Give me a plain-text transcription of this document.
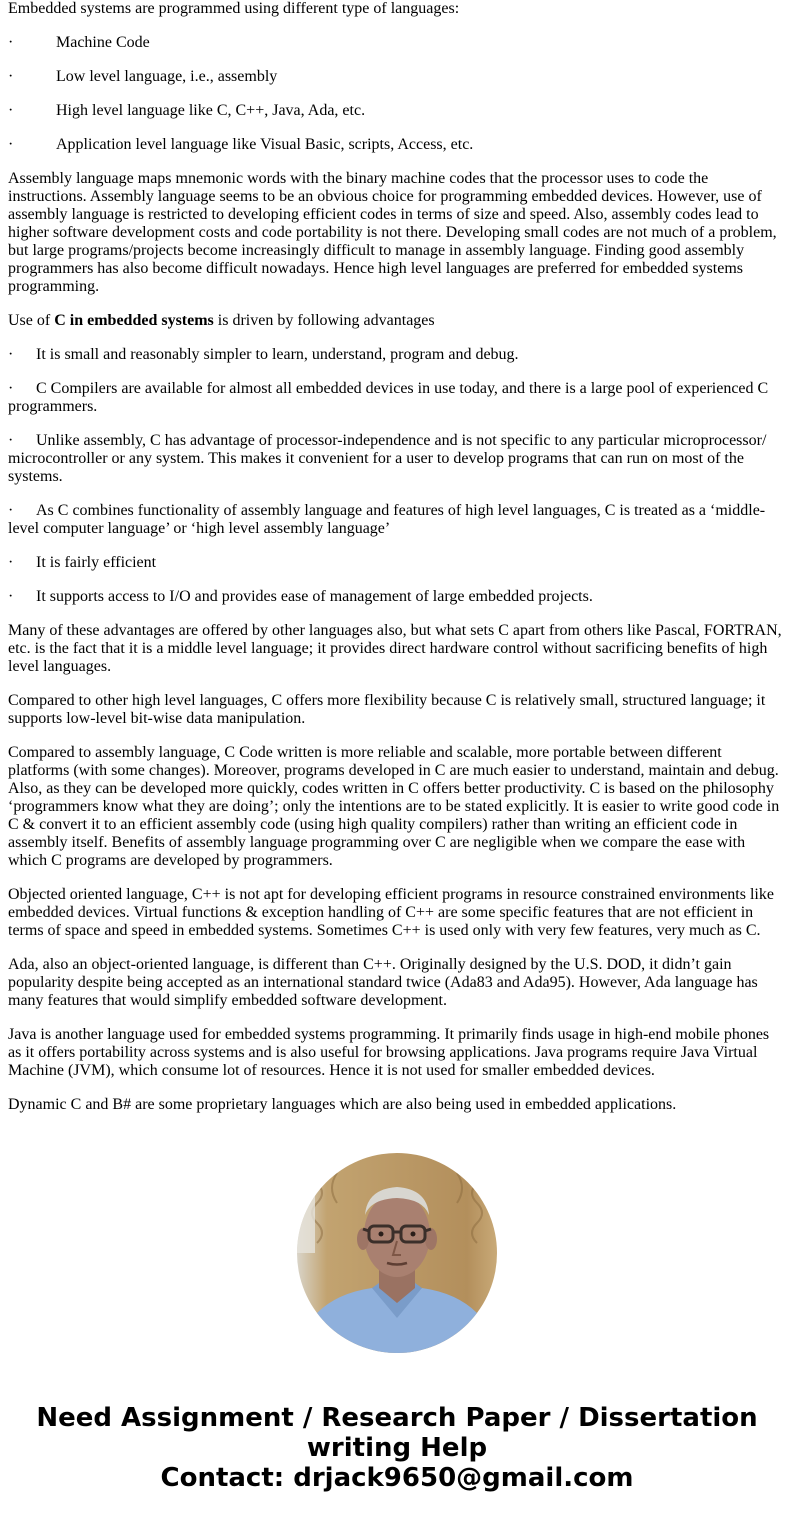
Embedded systems are programmed using different type of languages:

·	Machine Code
·	Low level language, i.e., assembly
·	High level language like C, C++, Java, Ada, etc.
·	Application level language like Visual Basic, scripts, Access, etc.

Assembly language maps mnemonic words with the binary machine codes that the processor uses to code the instructions. Assembly language seems to be an obvious choice for programming embedded devices. However, use of assembly language is restricted to developing efficient codes in terms of size and speed. Also, assembly codes lead to higher software development costs and code portability is not there. Developing small codes are not much of a problem, but large programs/projects become increasingly difficult to manage in assembly language. Finding good assembly programmers has also become difficult nowadays. Hence high level languages are preferred for embedded systems programming.

Use of C in embedded systems is driven by following advantages

· It is small and reasonably simpler to learn, understand, program and debug.

· C Compilers are available for almost all embedded devices in use today, and there is a large pool of experienced C programmers.

· Unlike assembly, C has advantage of processor-independence and is not specific to any particular microprocessor/ microcontroller or any system. This makes it convenient for a user to develop programs that can run on most of the systems.

· As C combines functionality of assembly language and features of high level languages, C is treated as a ‘middle-level computer language’ or ‘high level assembly language’

· It is fairly efficient

· It supports access to I/O and provides ease of management of large embedded projects.

Many of these advantages are offered by other languages also, but what sets C apart from others like Pascal, FORTRAN, etc. is the fact that it is a middle level language; it provides direct hardware control without sacrificing benefits of high level languages.

Compared to other high level languages, C offers more flexibility because C is relatively small, structured language; it supports low-level bit-wise data manipulation.

Compared to assembly language, C Code written is more reliable and scalable, more portable between different platforms (with some changes). Moreover, programs developed in C are much easier to understand, maintain and debug. Also, as they can be developed more quickly, codes written in C offers better productivity. C is based on the philosophy ‘programmers know what they are doing’; only the intentions are to be stated explicitly. It is easier to write good code in C & convert it to an efficient assembly code (using high quality compilers) rather than writing an efficient code in assembly itself. Benefits of assembly language programming over C are negligible when we compare the ease with which C programs are developed by programmers.

Objected oriented language, C++ is not apt for developing efficient programs in resource constrained environments like embedded devices. Virtual functions & exception handling of C++ are some specific features that are not efficient in terms of space and speed in embedded systems. Sometimes C++ is used only with very few features, very much as C.

Ada, also an object-oriented language, is different than C++. Originally designed by the U.S. DOD, it didn’t gain popularity despite being accepted as an international standard twice (Ada83 and Ada95). However, Ada language has many features that would simplify embedded software development.

Java is another language used for embedded systems programming. It primarily finds usage in high-end mobile phones as it offers portability across systems and is also useful for browsing applications. Java programs require Java Virtual Machine (JVM), which consume lot of resources. Hence it is not used for smaller embedded devices.

Dynamic C and B# are some proprietary languages which are also being used in embedded applications.

Need Assignment / Research Paper / Dissertation
writing Help
Contact: drjack9650@gmail.com
